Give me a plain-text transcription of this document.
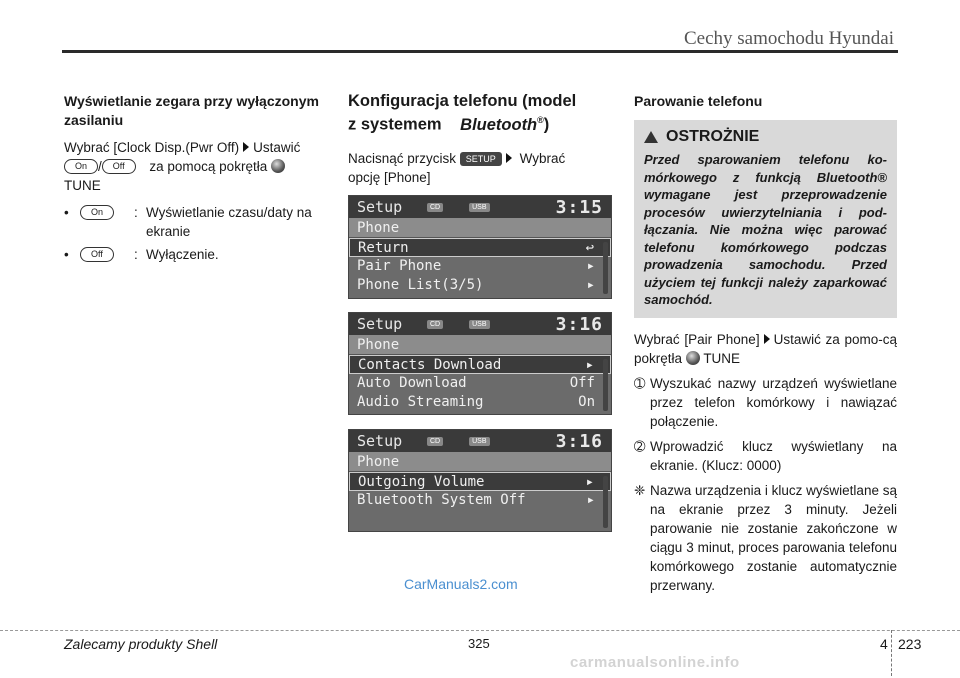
Cechy samochodu Hyundai
Wyświetlanie zegara przy wyłączonym zasilaniu
Wybrać [Clock Disp.(Pwr Off) Ustawić
On / Off za pomocą pokrętła
TUNE
•	On	: Wyświetlanie czasu/daty na ekranie
•	Off	: Wyłączenie.
Konfiguracja telefonu (model
z systemem Bluetooth®)
Nacisnąć przycisk SETUP Wybrać
opcję [Phone]
Setup	CD	USB	3:15
Phone
Return	↩
Pair Phone	▸
Phone List(3/5)	▸
Setup	CD	USB	3:16
Phone
Contacts Download	▸
Auto Download	Off
Audio Streaming	On
Setup	CD	USB	3:16
Phone
Outgoing Volume	▸
Bluetooth System Off	▸
Parowanie telefonu
OSTROŻNIE
Przed sparowaniem telefonu komórkowego z funkcją Bluetooth® wymagane jest przeprowadzenie procesów uwierzytelniania i podłączania. Nie można więc parować telefonu komórkowego podczas prowadzenia samochodu. Przed użyciem tej funkcji należy zaparkować samochód.
Wybrać [Pair Phone] Ustawić za pomo-cą pokrętła TUNE
➀ Wyszukać nazwy urządzeń wyświetlane przez telefon komórkowy i nawiązać połączenie.
➁ Wprowadzić klucz wyświetlany na ekranie. (Klucz: 0000)
❈ Nazwa urządzenia i klucz wyświetlane są na ekranie przez 3 minuty. Jeżeli parowanie nie zostanie zakończone w ciągu 3 minut, proces parowania telefonu komórkowego zostanie automatycznie przerwany.
CarManuals2.com
Zalecamy produkty Shell	325	4 223
carmanualsonline.info
